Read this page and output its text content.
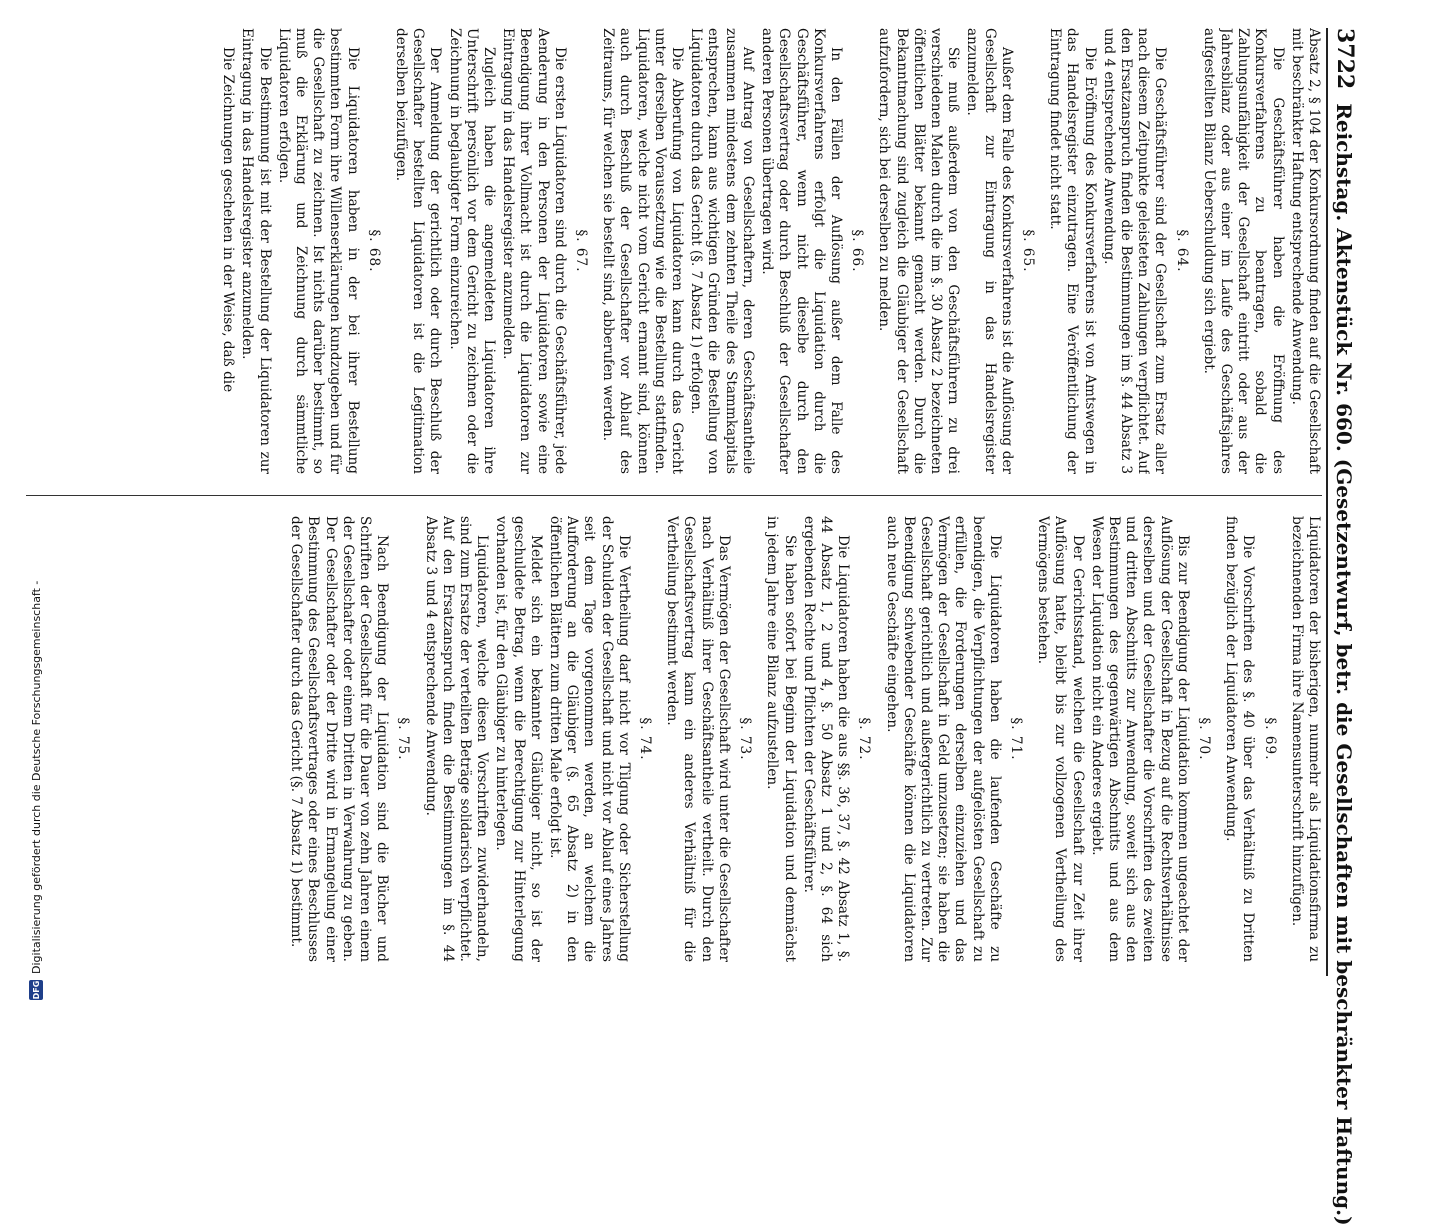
3722
Reichstag. Aktenstück Nr. 660. (Gesetzentwurf, betr. die Gesellschaften mit beschränkter Haftung.)

Absatz 2, § 104 der Konkursordnung finden auf die Gesellschaft mit beschränkter Haftung entsprechende Anwendung.

Die Geschäftsführer haben die Eröffnung des Konkursverfahrens zu beantragen, sobald die Zahlungsunfähigkeit der Gesellschaft eintritt oder aus der Jahresbilanz oder aus einer im Laufe des Geschäftsjahres aufgestellten Bilanz Ueberschuldung sich ergiebt.

§. 64.

Die Geschäftsführer sind der Gesellschaft zum Ersatz aller nach diesem Zeitpunkte geleisteten Zahlungen verpflichtet. Auf den Ersatzanspruch finden die Bestimmungen im §. 44 Absatz 3 und 4 entsprechende Anwendung.

Die Eröffnung des Konkursverfahrens ist von Amtswegen in das Handelsregister einzutragen. Eine Veröffentlichung der Eintragung findet nicht statt.

§. 65.

Außer dem Falle des Konkursverfahrens ist die Auflösung der Gesellschaft zur Eintragung in das Handelsregister anzumelden.

Sie muß außerdem von den Geschäftsführern zu drei verschiedenen Malen durch die im §. 30 Absatz 2 bezeichneten öffentlichen Blätter bekannt gemacht werden. Durch die Bekanntmachung sind zugleich die Gläubiger der Gesellschaft aufzufordern, sich bei derselben zu melden.

§. 66.

In den Fällen der Auflösung außer dem Falle des Konkursverfahrens erfolgt die Liquidation durch die Geschäftsführer, wenn nicht dieselbe durch den Gesellschaftsvertrag oder durch Beschluß der Gesellschafter anderen Personen übertragen wird.

Auf Antrag von Gesellschaftern, deren Geschäftsantheile zusammen mindestens dem zehnten Theile des Stammkapitals entsprechen, kann aus wichtigen Gründen die Bestellung von Liquidatoren durch das Gericht (§. 7 Absatz 1) erfolgen.

Die Abberufung von Liquidatoren kann durch das Gericht unter derselben Voraussetzung wie die Bestellung stattfinden. Liquidatoren, welche nicht vom Gericht ernannt sind, können auch durch Beschluß der Gesellschafter vor Ablauf des Zeitraums, für welchen sie bestellt sind, abberufen werden.

§. 67.

Die ersten Liquidatoren sind durch die Geschäftsführer, jede Aenderung in den Personen der Liquidatoren sowie eine Beendigung ihrer Vollmacht ist durch die Liquidatoren zur Eintragung in das Handelsregister anzumelden.

Zugleich haben die angemeldeten Liquidatoren ihre Unterschrift persönlich vor dem Gericht zu zeichnen oder die Zeichnung in beglaubigter Form einzureichen.

Der Anmeldung der gerichtlich oder durch Beschluß der Gesellschafter bestellten Liquidatoren ist die Legitimation derselben beizufügen.

§. 68.

Die Liquidatoren haben in der bei ihrer Bestellung bestimmten Form ihre Willenserklärungen kundzugeben und für die Gesellschaft zu zeichnen. Ist nichts darüber bestimmt, so muß die Erklärung und Zeichnung durch sämmtliche Liquidatoren erfolgen.

Die Bestimmung ist mit der Bestellung der Liquidatoren zur Eintragung in das Handelsregister anzumelden.

Die Zeichnungen geschehen in der Weise, daß die

Liquidatoren der bisherigen, nunmehr als Liquidationsfirma zu bezeichnenden Firma ihre Namensunterschrift hinzufügen.

§. 69.

Die Vorschriften des §. 40 über das Verhältniß zu Dritten finden bezüglich der Liquidatoren Anwendung.

§. 70.

Bis zur Beendigung der Liquidation kommen ungeachtet der Auflösung der Gesellschaft in Bezug auf die Rechtsverhältnisse derselben und der Gesellschafter die Vorschriften des zweiten und dritten Abschnitts zur Anwendung, soweit sich aus den Bestimmungen des gegenwärtigen Abschnitts und aus dem Wesen der Liquidation nicht ein Anderes ergiebt.

Der Gerichtsstand, welchen die Gesellschaft zur Zeit ihrer Auflösung hatte, bleibt bis zur vollzogenen Vertheilung des Vermögens bestehen.

§. 71.

Die Liquidatoren haben die laufenden Geschäfte zu beendigen, die Verpflichtungen der aufgelösten Gesellschaft zu erfüllen, die Forderungen derselben einzuziehen und das Vermögen der Gesellschaft in Geld umzusetzen; sie haben die Gesellschaft gerichtlich und außergerichtlich zu vertreten. Zur Beendigung schwebender Geschäfte können die Liquidatoren auch neue Geschäfte eingehen.

§. 72.

Die Liquidatoren haben die aus §§. 36, 37, §. 42 Absatz 1, §. 44 Absatz 1, 2 und 4, §. 50 Absatz 1 und 2, §. 64 sich ergebenden Rechte und Pflichten der Geschäftsführer.

Sie haben sofort bei Beginn der Liquidation und demnächst in jedem Jahre eine Bilanz aufzustellen.

§. 73.

Das Vermögen der Gesellschaft wird unter die Gesellschafter nach Verhältniß ihrer Geschäftsantheile vertheilt. Durch den Gesellschaftsvertrag kann ein anderes Verhältniß für die Vertheilung bestimmt werden.

§. 74.

Die Vertheilung darf nicht vor Tilgung oder Sicherstellung der Schulden der Gesellschaft und nicht vor Ablauf eines Jahres seit dem Tage vorgenommen werden, an welchem die Aufforderung an die Gläubiger (§. 65 Absatz 2) in den öffentlichen Blättern zum dritten Male erfolgt ist.

Meldet sich ein bekannter Gläubiger nicht, so ist der geschuldete Betrag, wenn die Berechtigung zur Hinterlegung vorhanden ist, für den Gläubiger zu hinterlegen.

Liquidatoren, welche diesen Vorschriften zuwiderhandeln, sind zum Ersatze der verteilten Beträge solidarisch verpflichtet. Auf den Ersatzanspruch finden die Bestimmungen im §. 44 Absatz 3 und 4 entsprechende Anwendung.

§. 75.

Nach Beendigung der Liquidation sind die Bücher und Schriften der Gesellschaft für die Dauer von zehn Jahren einem der Gesellschafter oder einem Dritten in Verwahrung zu geben. Der Gesellschafter oder der Dritte wird in Ermangelung einer Bestimmung des Gesellschaftsvertrages oder eines Beschlusses der Gesellschafter durch das Gericht (§. 7 Absatz 1) bestimmt.

DFG
Digitalisierung gefördert durch die Deutsche Forschungsgemeinschaft -
